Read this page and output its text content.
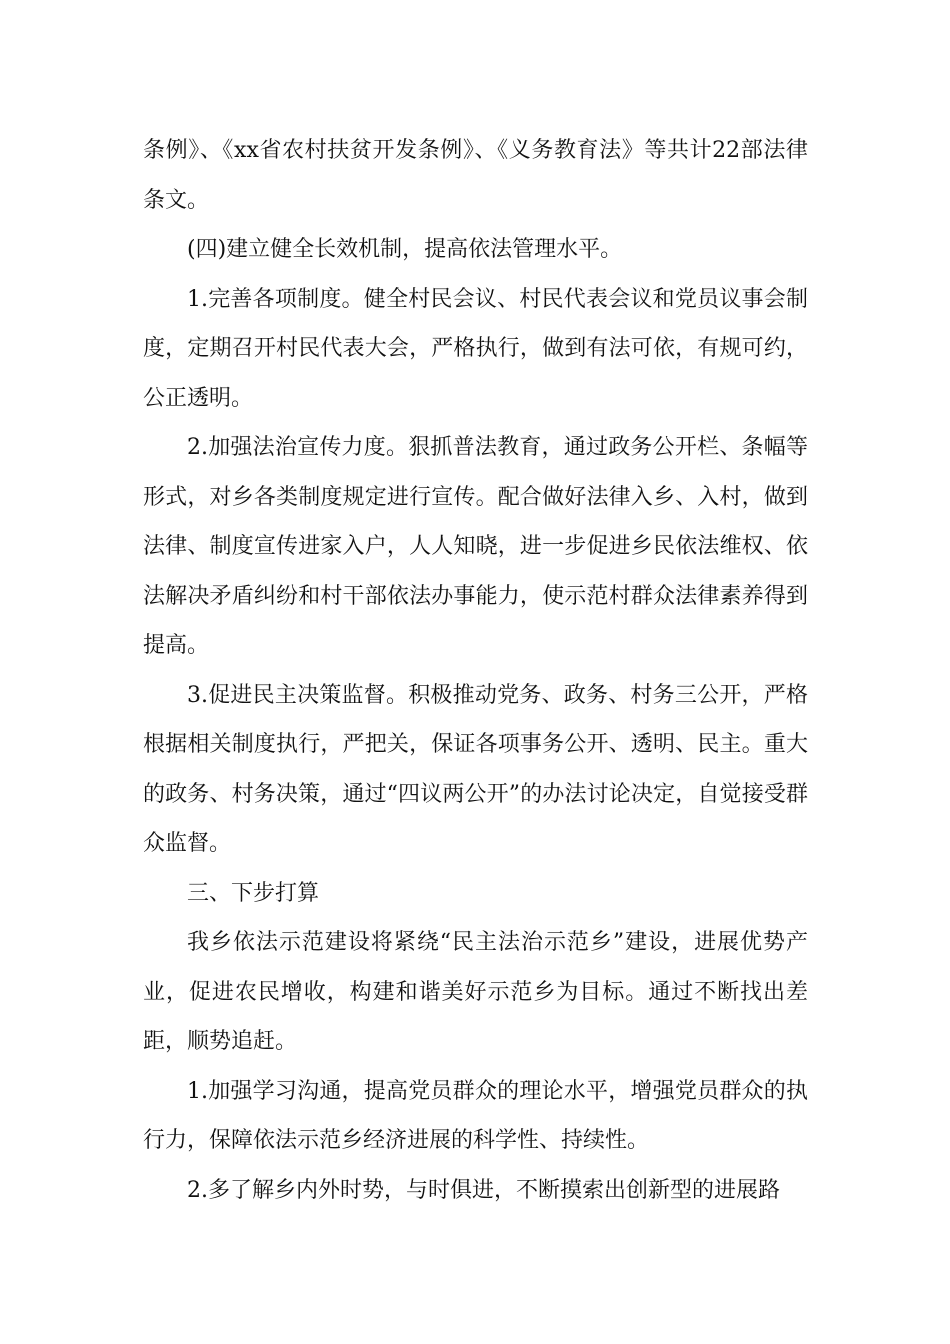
条例》、《xx省农村扶贫开发条例》、《义务教育法》等共计22部法律条文。

(四)建立健全长效机制，提高依法管理水平。

1.完善各项制度。健全村民会议、村民代表会议和党员议事会制度，定期召开村民代表大会，严格执行，做到有法可依，有规可约，公正透明。

2.加强法治宣传力度。狠抓普法教育，通过政务公开栏、条幅等形式，对乡各类制度规定进行宣传。配合做好法律入乡、入村，做到法律、制度宣传进家入户，人人知晓，进一步促进乡民依法维权、依法解决矛盾纠纷和村干部依法办事能力，使示范村群众法律素养得到提高。

3.促进民主决策监督。积极推动党务、政务、村务三公开，严格根据相关制度执行，严把关，保证各项事务公开、透明、民主。重大的政务、村务决策，通过“四议两公开”的办法讨论决定，自觉接受群众监督。

三、下步打算

我乡依法示范建设将紧绕“民主法治示范乡”建设，进展优势产业，促进农民增收，构建和谐美好示范乡为目标。通过不断找出差距，顺势追赶。

1.加强学习沟通，提高党员群众的理论水平，增强党员群众的执行力，保障依法示范乡经济进展的科学性、持续性。

2.多了解乡内外时势，与时俱进，不断摸索出创新型的进展路
